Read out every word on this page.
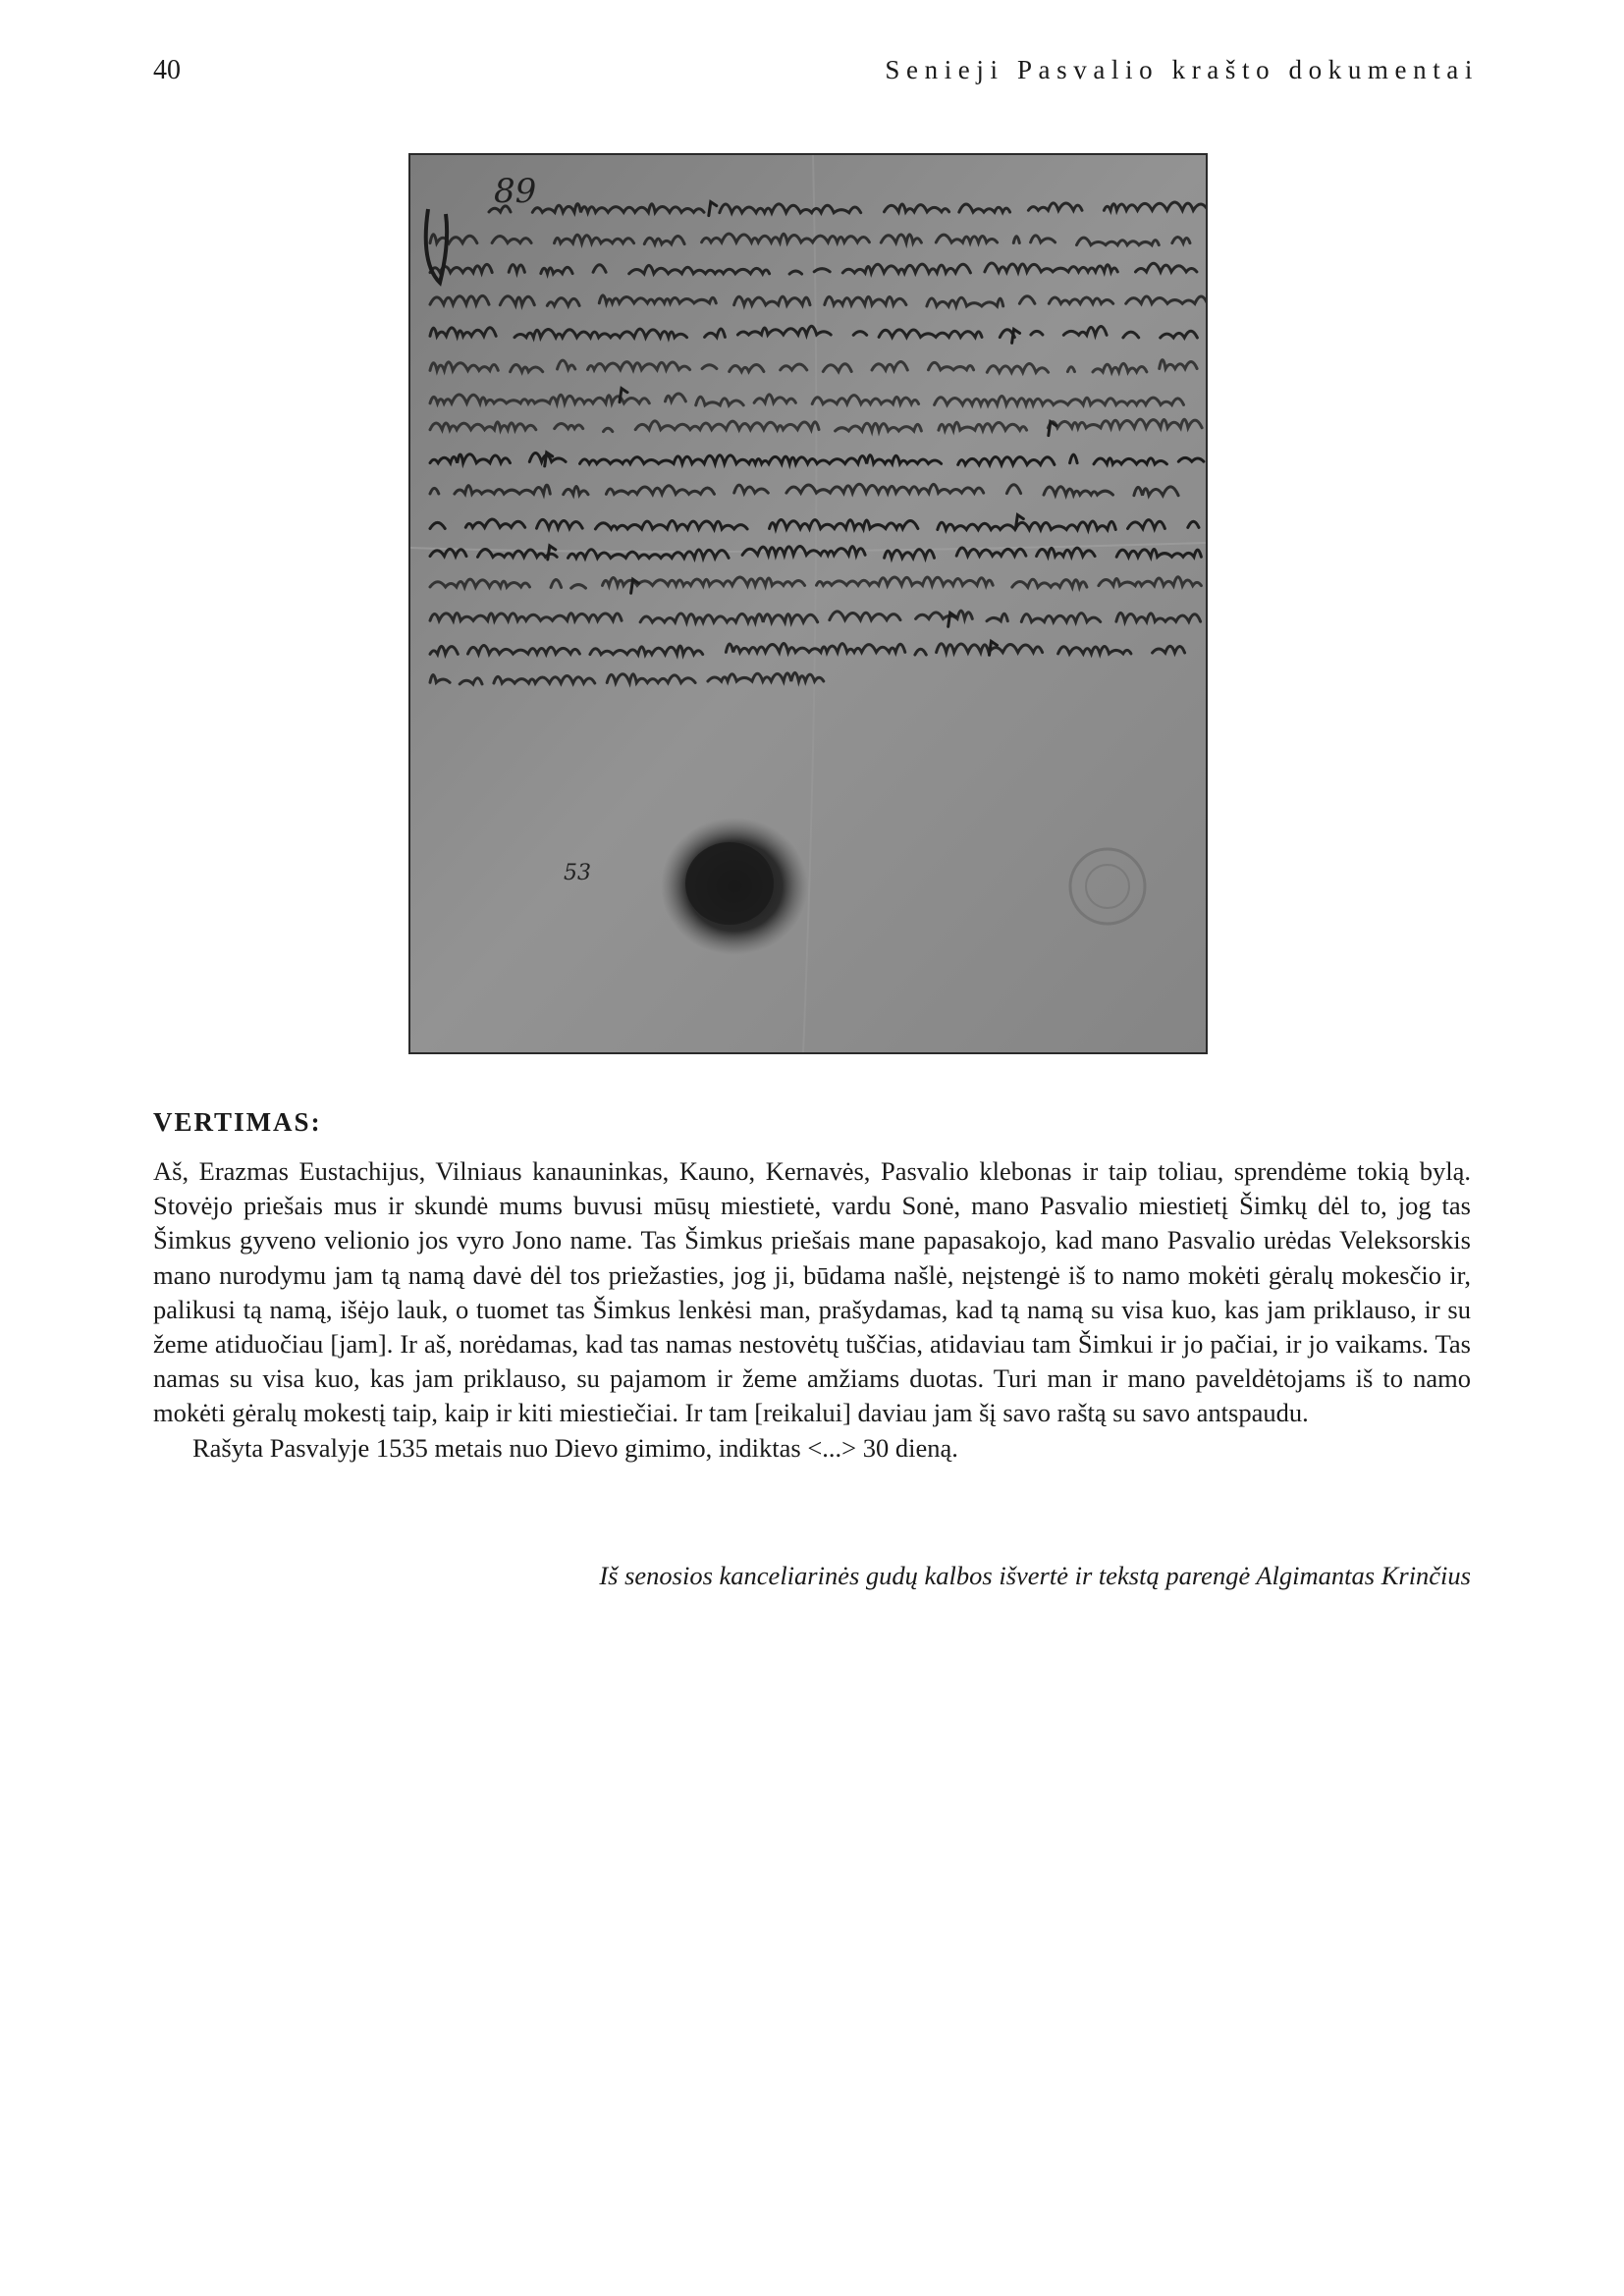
40	Senieji Pasvalio krašto dokumentai
89
53
VERTIMAS:

Aš, Erazmas Eustachijus, Vilniaus kanauninkas, Kauno, Kernavės, Pasvalio klebonas ir taip toliau, sprendėme tokią bylą. Stovėjo priešais mus ir skundė mums buvusi mūsų miestietė, vardu Sonė, mano Pasvalio miestietį Šimkų dėl to, jog tas Šimkus gyveno velionio jos vyro Jono name. Tas Šimkus priešais mane papasakojo, kad mano Pasvalio urėdas Veleksorskis mano nurodymu jam tą namą davė dėl tos priežasties, jog ji, būdama našlė, neįstengė iš to namo mokėti gėralų mokesčio ir, palikusi tą namą, išėjo lauk, o tuomet tas Šimkus lenkėsi man, prašydamas, kad tą namą su visa kuo, kas jam priklauso, ir su žeme atiduočiau [jam]. Ir aš, norėdamas, kad tas namas nestovėtų tuščias, atidaviau tam Šimkui ir jo pačiai, ir jo vaikams. Tas namas su visa kuo, kas jam priklauso, su pajamom ir žeme amžiams duotas. Turi man ir mano paveldėtojams iš to namo mokėti gėralų mokestį taip, kaip ir kiti miestiečiai. Ir tam [reikalui] daviau jam šį savo raštą su savo antspaudu.

Rašyta Pasvalyje 1535 metais nuo Dievo gimimo, indiktas <...> 30 dieną.

Iš senosios kanceliarinės gudų kalbos išvertė ir tekstą parengė Algimantas Krinčius
